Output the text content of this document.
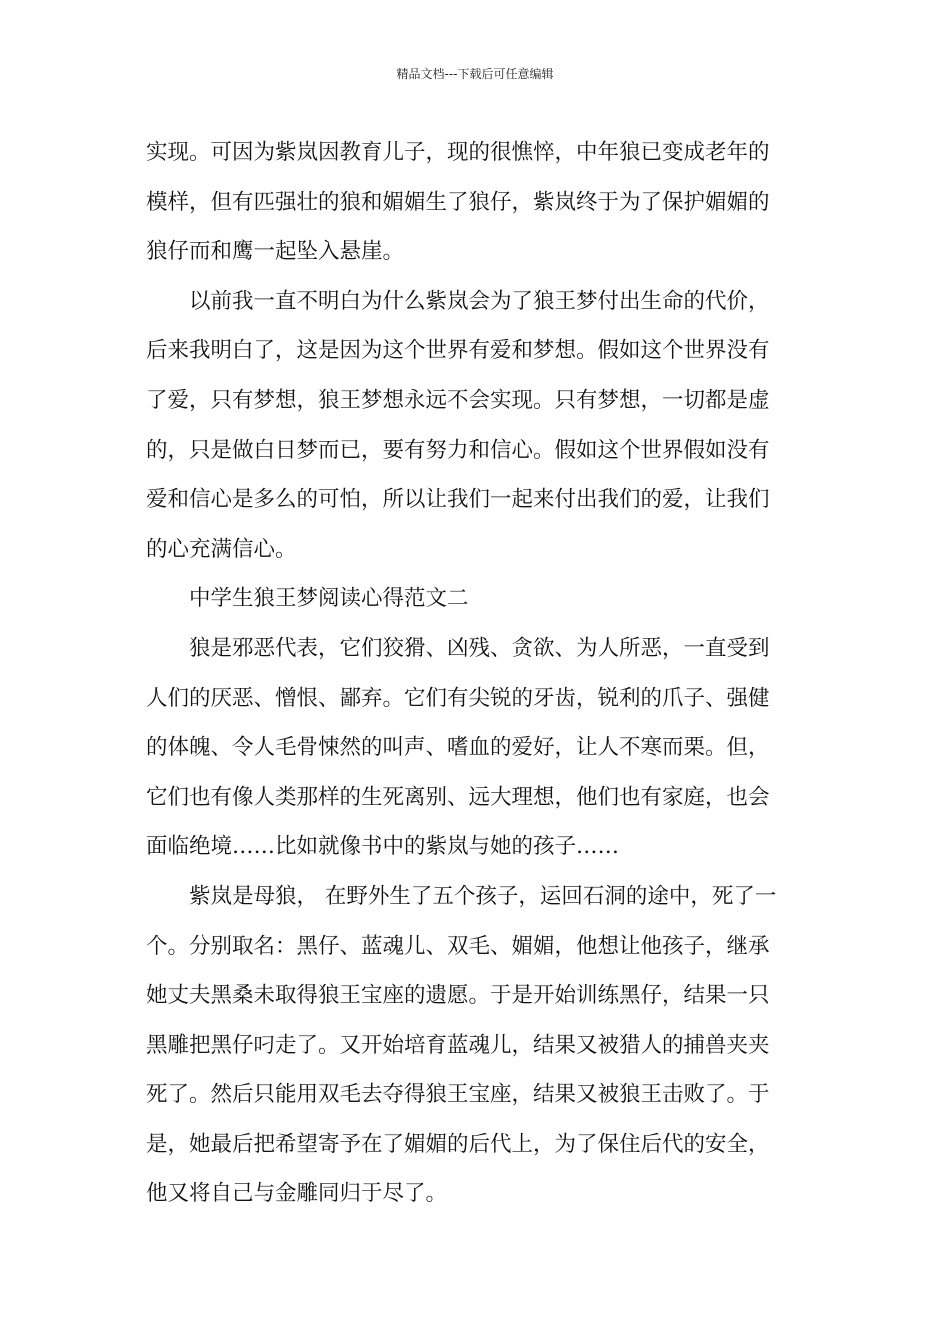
精品文档---下载后可任意编辑
实现。可因为紫岚因教育儿子，现的很憔悴，中年狼已变成老年的
模样，但有匹强壮的狼和媚媚生了狼仔，紫岚终于为了保护媚媚的
狼仔而和鹰一起坠入悬崖。
以前我一直不明白为什么紫岚会为了狼王梦付出生命的代价，
后来我明白了，这是因为这个世界有爱和梦想。假如这个世界没有
了爱，只有梦想，狼王梦想永远不会实现。只有梦想，一切都是虚
的，只是做白日梦而已，要有努力和信心。假如这个世界假如没有
爱和信心是多么的可怕，所以让我们一起来付出我们的爱，让我们
的心充满信心。
中学生狼王梦阅读心得范文二
狼是邪恶代表，它们狡猾、凶残、贪欲、为人所恶，一直受到
人们的厌恶、憎恨、鄙弃。它们有尖锐的牙齿，锐利的爪子、强健
的体魄、令人毛骨悚然的叫声、嗜血的爱好，让人不寒而栗。但，
它们也有像人类那样的生死离别、远大理想，他们也有家庭，也会
面临绝境……比如就像书中的紫岚与她的孩子……
紫岚是母狼， 在野外生了五个孩子，运回石洞的途中，死了一
个。分别取名：黑仔、蓝魂儿、双毛、媚媚，他想让他孩子，继承
她丈夫黑桑未取得狼王宝座的遗愿。于是开始训练黑仔，结果一只
黑雕把黑仔叼走了。又开始培育蓝魂儿，结果又被猎人的捕兽夹夹
死了。然后只能用双毛去夺得狼王宝座，结果又被狼王击败了。于
是，她最后把希望寄予在了媚媚的后代上，为了保住后代的安全，
他又将自己与金雕同归于尽了。
